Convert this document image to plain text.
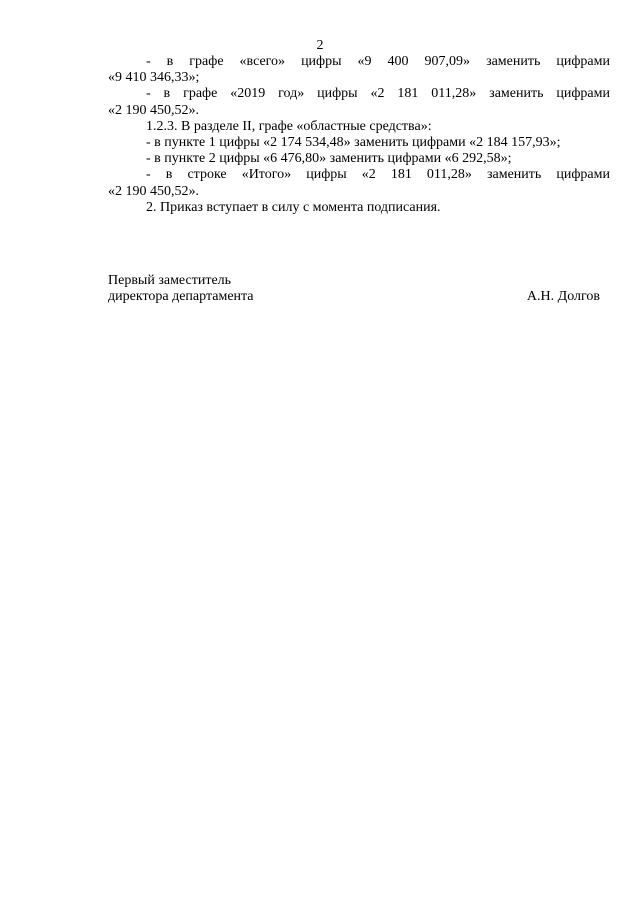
2

- в графе «всего» цифры «9 400 907,09» заменить цифрами

«9 410 346,33»;

- в графе «2019 год» цифры «2 181 011,28» заменить цифрами

«2 190 450,52».

1.2.3. В разделе II, графе «областные средства»:

- в пункте 1 цифры «2 174 534,48» заменить цифрами «2 184 157,93»;

- в пункте 2 цифры «6 476,80» заменить цифрами «6 292,58»;

- в строке «Итого» цифры «2 181 011,28» заменить цифрами

«2 190 450,52».

2. Приказ вступает в силу с момента подписания.

Первый заместитель
директора департамента	А.Н. Долгов
